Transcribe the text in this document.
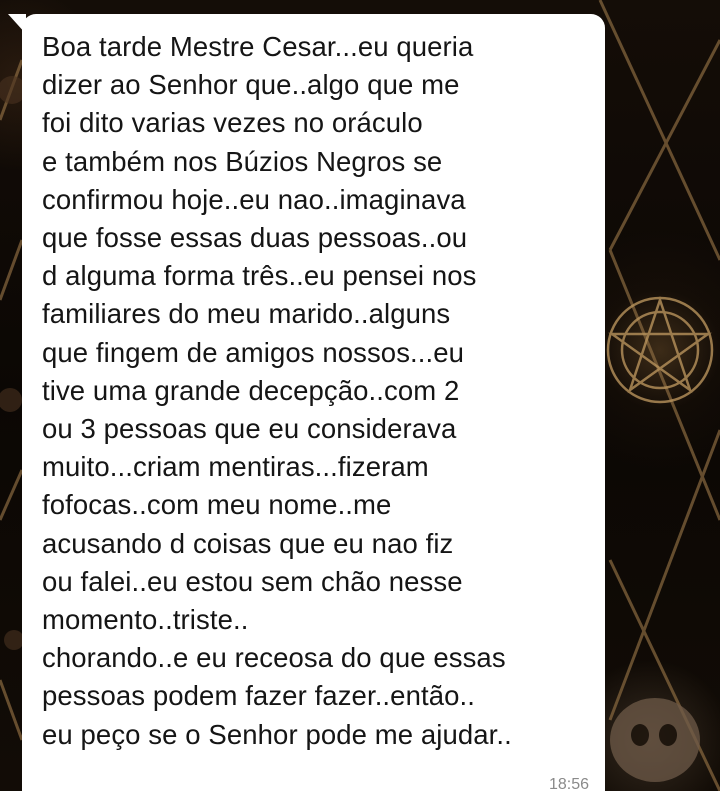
Boa tarde Mestre Cesar...eu queria
dizer ao Senhor que..algo que me
foi dito varias vezes no oráculo
e também nos Búzios Negros se
confirmou hoje..eu nao..imaginava
que fosse essas duas pessoas..ou
d alguma forma três..eu pensei nos
familiares do meu marido..alguns
que fingem de amigos nossos...eu
tive uma grande decepção..com 2
ou 3 pessoas que eu considerava
muito...criam mentiras...fizeram
fofocas..com meu nome..me
acusando d coisas que eu nao fiz
ou falei..eu estou sem chão nesse
momento..triste..
chorando..e eu receosa do que essas
pessoas podem fazer fazer..então..
eu peço se o Senhor pode me ajudar..
18:56
